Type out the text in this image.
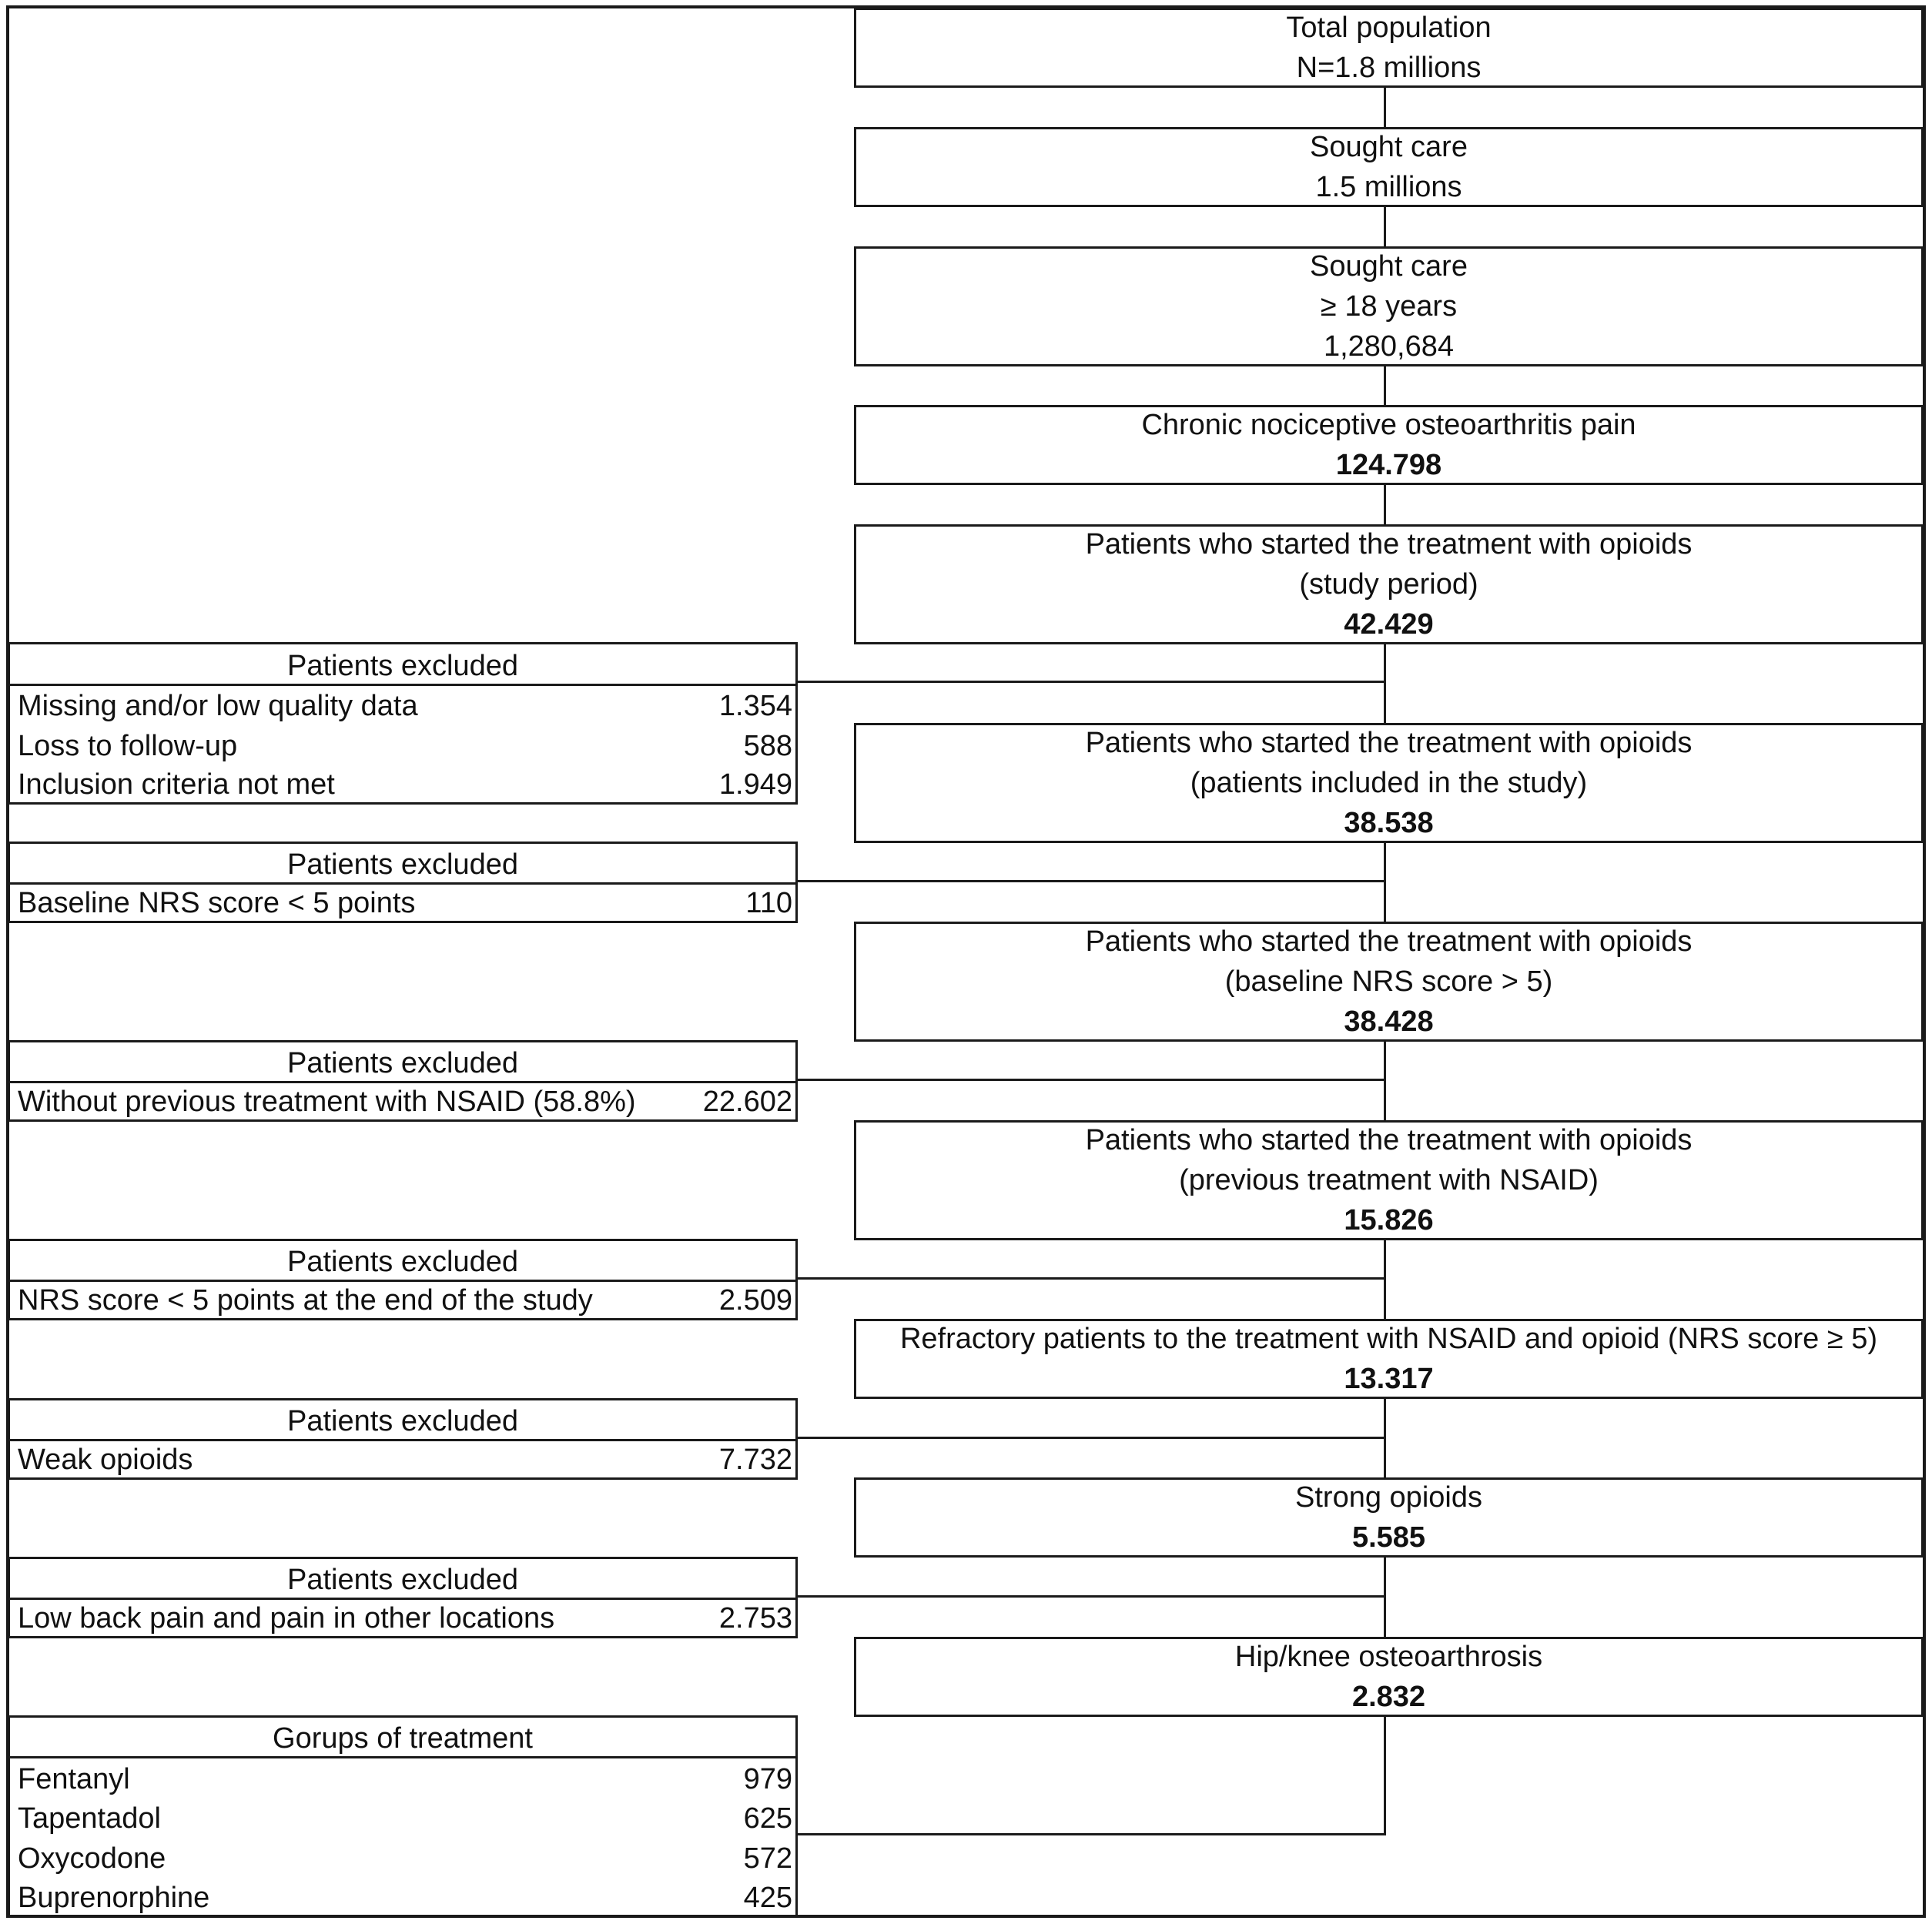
Total population
N=1.8 millions
Sought care
1.5 millions
Sought care
≥ 18 years
1,280,684
Chronic nociceptive osteoarthritis pain
124.798
Patients who started the treatment with opioids
(study period)
42.429
Patients who started the treatment with opioids
(patients included in the study)
38.538
Patients who started the treatment with opioids
(baseline NRS score > 5)
38.428
Patients who started the treatment with opioids
(previous treatment with NSAID)
15.826
Refractory patients to the treatment with NSAID and opioid (NRS score ≥ 5)
13.317
Strong opioids
5.585
Hip/knee osteoarthrosis
2.832
Patients excluded
Missing and/or low quality data	1.354
Loss to follow-up	588
Inclusion criteria not met	1.949
Patients excluded
Baseline NRS score < 5 points	110
Patients excluded
Without previous treatment with NSAID (58.8%) 22.602
Patients excluded
NRS score < 5 points at the end of the study	2.509
Patients excluded
Weak opioids	7.732
Patients excluded
Low back pain and pain in other locations	2.753
Gorups of treatment
Fentanyl	979
Tapentadol	625
Oxycodone	572
Buprenorphine	425
